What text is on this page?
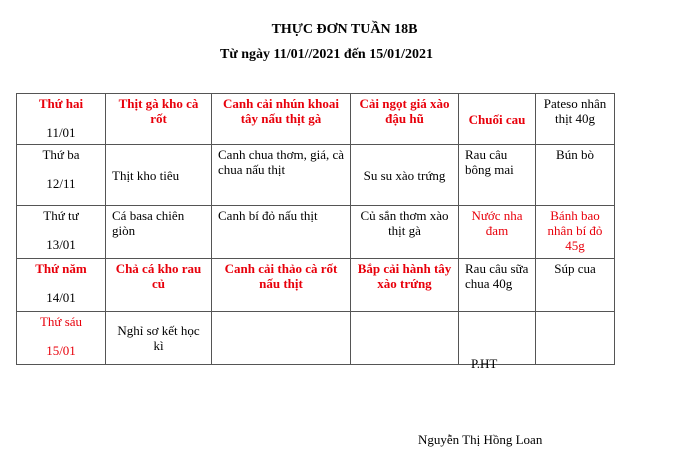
THỰC ĐƠN TUẦN 18B
Từ ngày 11/01//2021 đến 15/01/2021
Thứ hai
11/01	Thịt gà kho cà rốt	Canh cải nhún khoai tây nấu thịt gà	Cải ngọt giá xào đậu hũ	Chuối cau	Pateso nhân thịt 40g

Thứ ba
12/11	Thịt kho tiêu	Canh chua thơm, giá, cà chua nấu thịt	Su su xào trứng	Rau câu bông mai	Bún bò

Thứ tư
13/01	Cá basa chiên giòn	Canh bí đỏ nấu thịt	Củ sắn thơm xào thịt gà	Nước nha đam	Bánh bao nhân bí đỏ 45g

Thứ năm
14/01	Chả cá kho rau củ	Canh cải thảo cà rốt nấu thịt	Bắp cải hành tây xào trứng	Rau câu sữa chua 40g	Súp cua

Thứ sáu
15/01	Nghỉ sơ kết học kì				
P.HT
Nguyễn Thị Hồng Loan
